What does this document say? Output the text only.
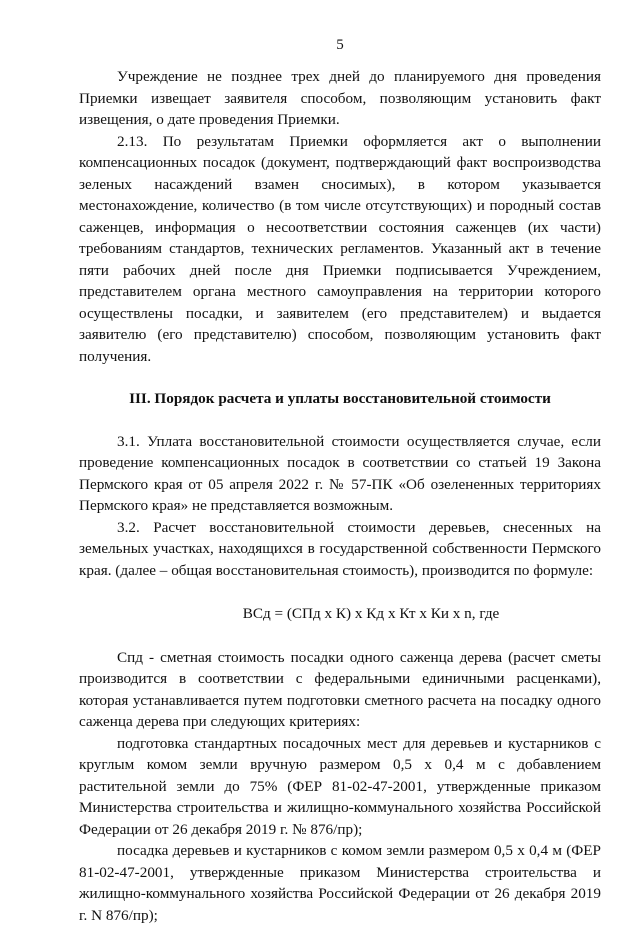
5

Учреждение не позднее трех дней до планируемого дня проведения Приемки извещает заявителя способом, позволяющим установить факт извещения, о дате проведения Приемки.

2.13. По результатам Приемки оформляется акт о выполнении компенсационных посадок (документ, подтверждающий факт воспроизводства зеленых насаждений взамен сносимых), в котором указывается местонахождение, количество (в том числе отсутствующих) и породный состав саженцев, информация о несоответствии состояния саженцев (их части) требованиям стандартов, технических регламентов. Указанный акт в течение пяти рабочих дней после дня Приемки подписывается Учреждением, представителем органа местного самоуправления на территории которого осуществлены посадки, и заявителем (его представителем) и выдается заявителю (его представителю) способом, позволяющим установить факт получения.

III. Порядок расчета и уплаты восстановительной стоимости

3.1. Уплата восстановительной стоимости осуществляется случае, если проведение компенсационных посадок в соответствии со статьей 19 Закона Пермского края от 05 апреля 2022 г. № 57-ПК «Об озелененных территориях Пермского края» не представляется возможным.

3.2. Расчет восстановительной стоимости деревьев, снесенных на земельных участках, находящихся в государственной собственности Пермского края. (далее – общая восстановительная стоимость), производится по формуле:

ВСд = (СПд х К) х Кд х Кт х Ки х n, где

Спд - сметная стоимость посадки одного саженца дерева (расчет сметы производится в соответствии с федеральными единичными расценками), которая устанавливается путем подготовки сметного расчета на посадку одного саженца дерева при следующих критериях:

подготовка стандартных посадочных мест для деревьев и кустарников с круглым комом земли вручную размером 0,5 х 0,4 м с добавлением растительной земли до 75% (ФЕР 81-02-47-2001, утвержденные приказом Министерства строительства и жилищно-коммунального хозяйства Российской Федерации от 26 декабря 2019 г. № 876/пр);

посадка деревьев и кустарников с комом земли размером 0,5 х 0,4 м (ФЕР 81-02-47-2001, утвержденные приказом Министерства строительства и жилищно-коммунального хозяйства Российской Федерации от 26 декабря 2019 г. N 876/пр);
